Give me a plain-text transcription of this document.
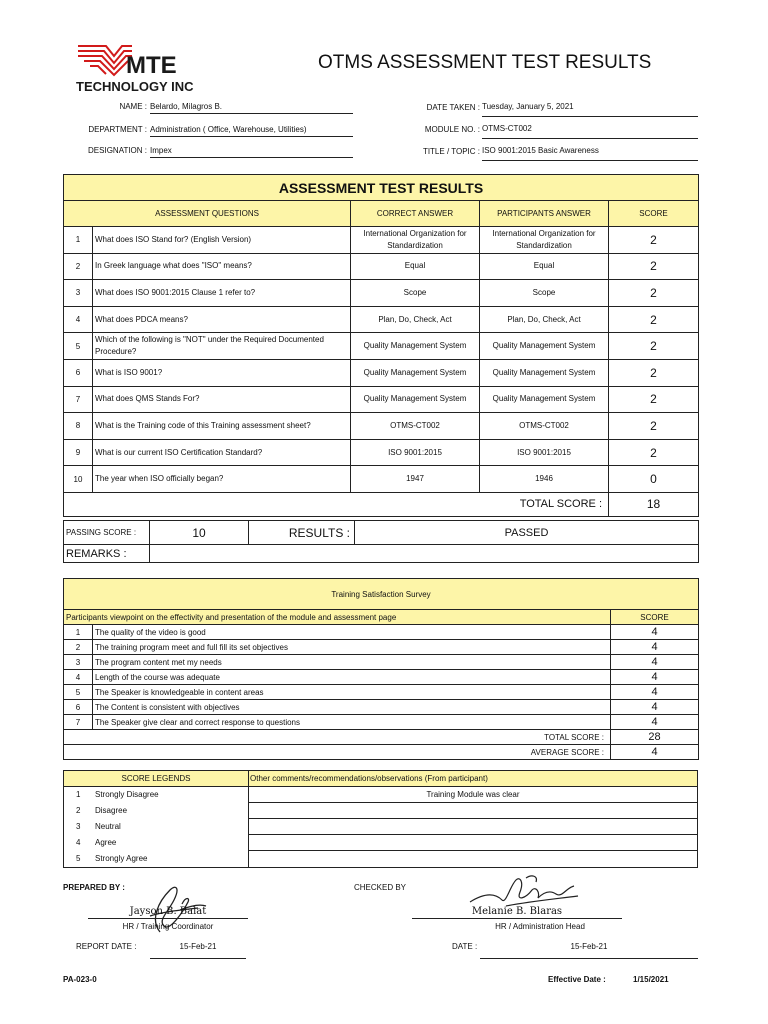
MTE
TECHNOLOGY INC
OTMS ASSESSMENT TEST RESULTS
NAME : Belardo, Milagros B.
DEPARTMENT : Administration ( Office, Warehouse, Utilities)
DESIGNATION : Impex
DATE TAKEN : Tuesday, January 5, 2021
MODULE NO. : OTMS-CT002
TITLE / TOPIC : ISO 9001:2015 Basic Awareness
ASSESSMENT TEST RESULTS				
ASSESSMENT QUESTIONS		CORRECT ANSWER	PARTICIPANTS ANSWER	SCORE
1	What does ISO Stand for? (English Version)	International Organization for Standardization	International Organization for Standardization	2
2	In Greek language what does "ISO" means?	Equal	Equal	2
3	What does ISO 9001:2015 Clause 1 refer to?	Scope	Scope	2
4	What does PDCA means?	Plan, Do, Check, Act	Plan, Do, Check, Act	2
5	Which of the following is "NOT" under the Required Documented Procedure?	Quality Management System	Quality Management System	2
6	What is ISO 9001?	Quality Management System	Quality Management System	2
7	What does QMS Stands For?	Quality Management System	Quality Management System	2
8	What is the Training code of this Training assessment sheet?	OTMS-CT002	OTMS-CT002	2
9	What is our current ISO Certification Standard?	ISO 9001:2015	ISO 9001:2015	2
10	The year when ISO officially began?	1947	1946	0
TOTAL SCORE :				18
PASSING SCORE :	10	RESULTS :	PASSED
REMARKS :			
Training Satisfaction Survey		
Participants viewpoint on the effectivity and presentation of the module and assessment page		SCORE
1	The quality of the video is good	4
2	The training program meet and full fill its set objectives	4
3	The program content met my needs	4
4	Length of the course was adequate	4
5	The Speaker is knowledgeable in content areas	4
6	The Content is consistent with objectives	4
7	The Speaker give clear and correct response to questions	4
TOTAL SCORE :		28
AVERAGE SCORE :		4
SCORE LEGENDS	Other comments/recommendations/observations (From participant)
1 Strongly Disagree
2 Disagree
3 Neutral
4 Agree
5 Strongly Agree
Training Module was clear
PREPARED BY :
Jayson B. Balat
HR / Training Coordinator
REPORT DATE :	15-Feb-21
CHECKED BY
Melanie B. Blaras
HR / Administration Head
DATE :	15-Feb-21
PA-023-0	Effective Date :	1/15/2021
